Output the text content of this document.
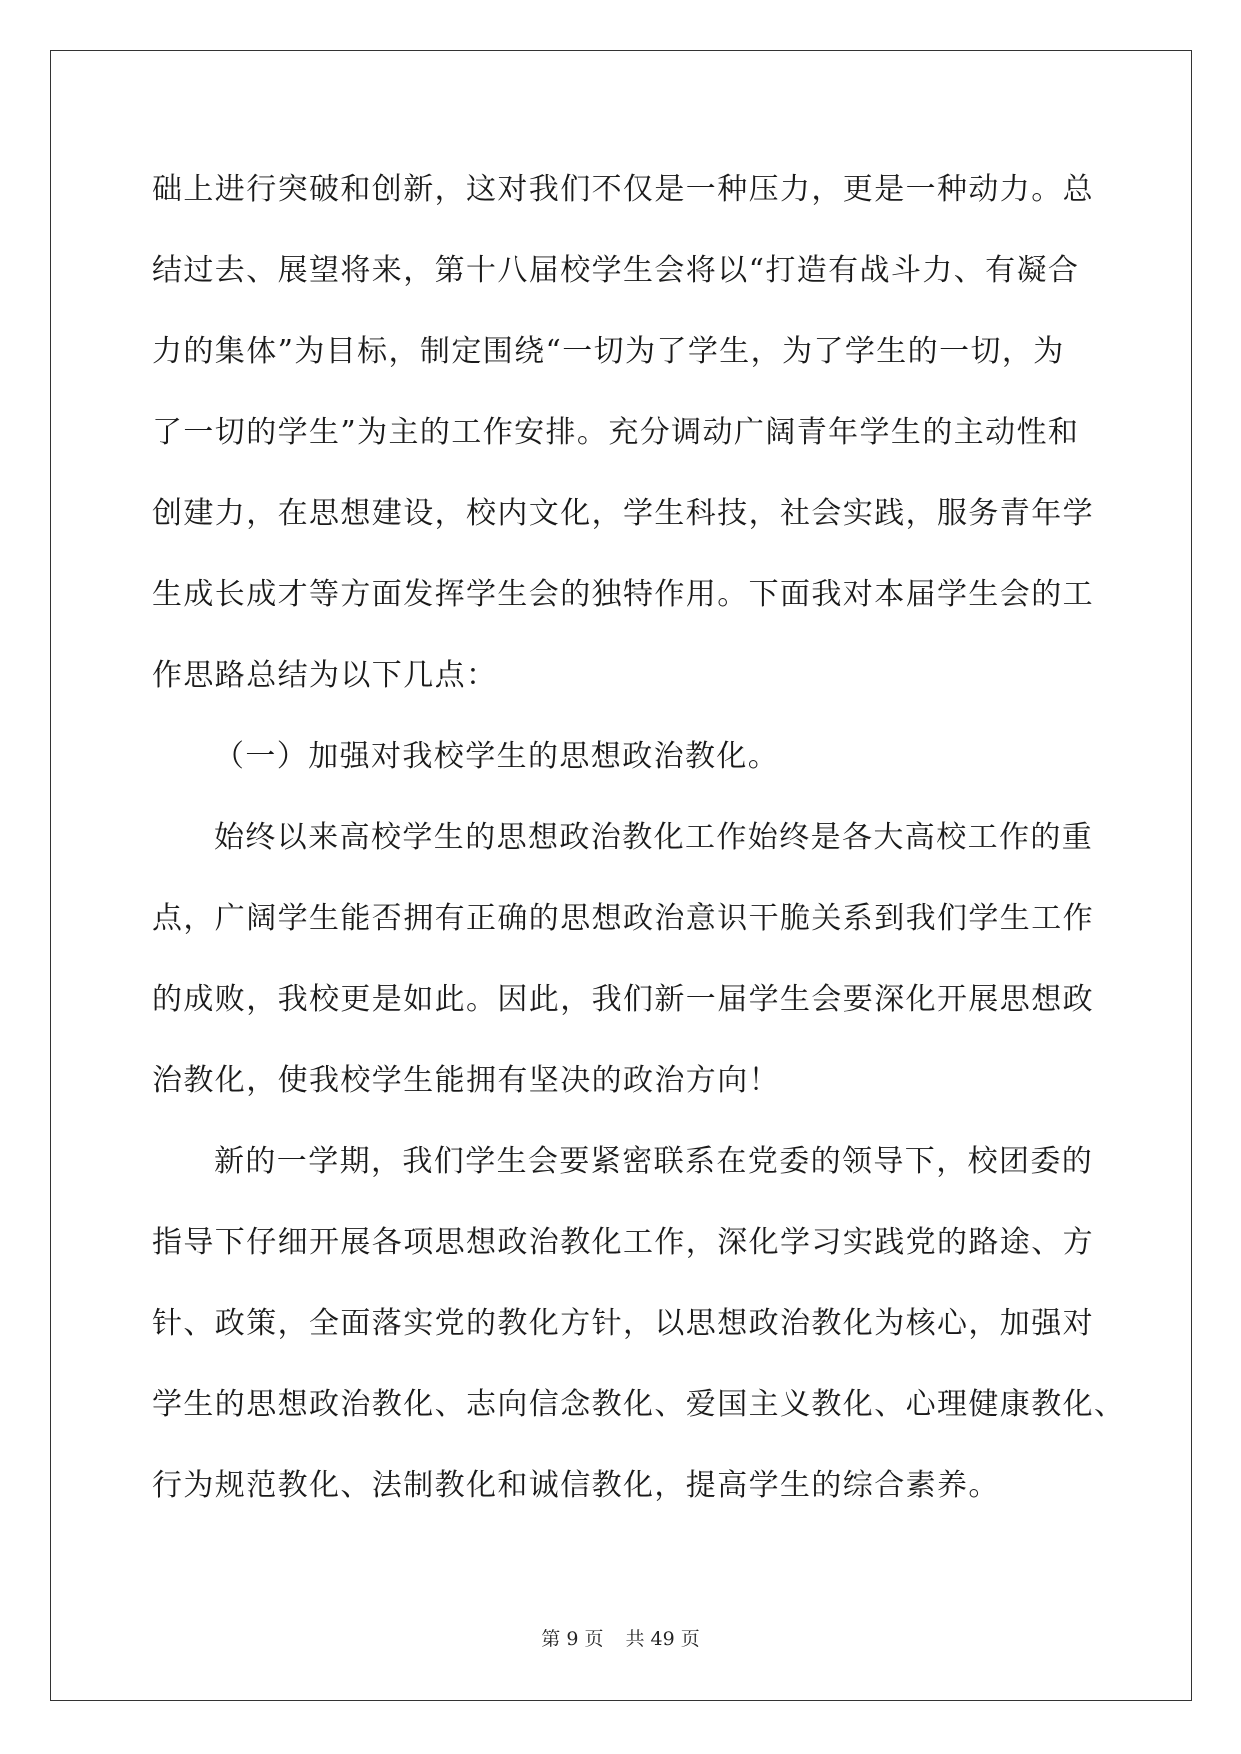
础上进行突破和创新，这对我们不仅是一种压力，更是一种动力。总
结过去、展望将来，第十八届校学生会将以“打造有战斗力、有凝合
力的集体”为目标，制定围绕“一切为了学生，为了学生的一切，为
了一切的学生”为主的工作安排。充分调动广阔青年学生的主动性和
创建力，在思想建设，校内文化，学生科技，社会实践，服务青年学
生成长成才等方面发挥学生会的独特作用。下面我对本届学生会的工
作思路总结为以下几点：
（一）加强对我校学生的思想政治教化。
始终以来高校学生的思想政治教化工作始终是各大高校工作的重
点，广阔学生能否拥有正确的思想政治意识干脆关系到我们学生工作
的成败，我校更是如此。因此，我们新一届学生会要深化开展思想政
治教化，使我校学生能拥有坚决的政治方向！
新的一学期，我们学生会要紧密联系在党委的领导下，校团委的
指导下仔细开展各项思想政治教化工作，深化学习实践党的路途、方
针、政策，全面落实党的教化方针，以思想政治教化为核心，加强对
学生的思想政治教化、志向信念教化、爱国主义教化、心理健康教化、
行为规范教化、法制教化和诚信教化，提高学生的综合素养。
第 9 页 共 49 页
